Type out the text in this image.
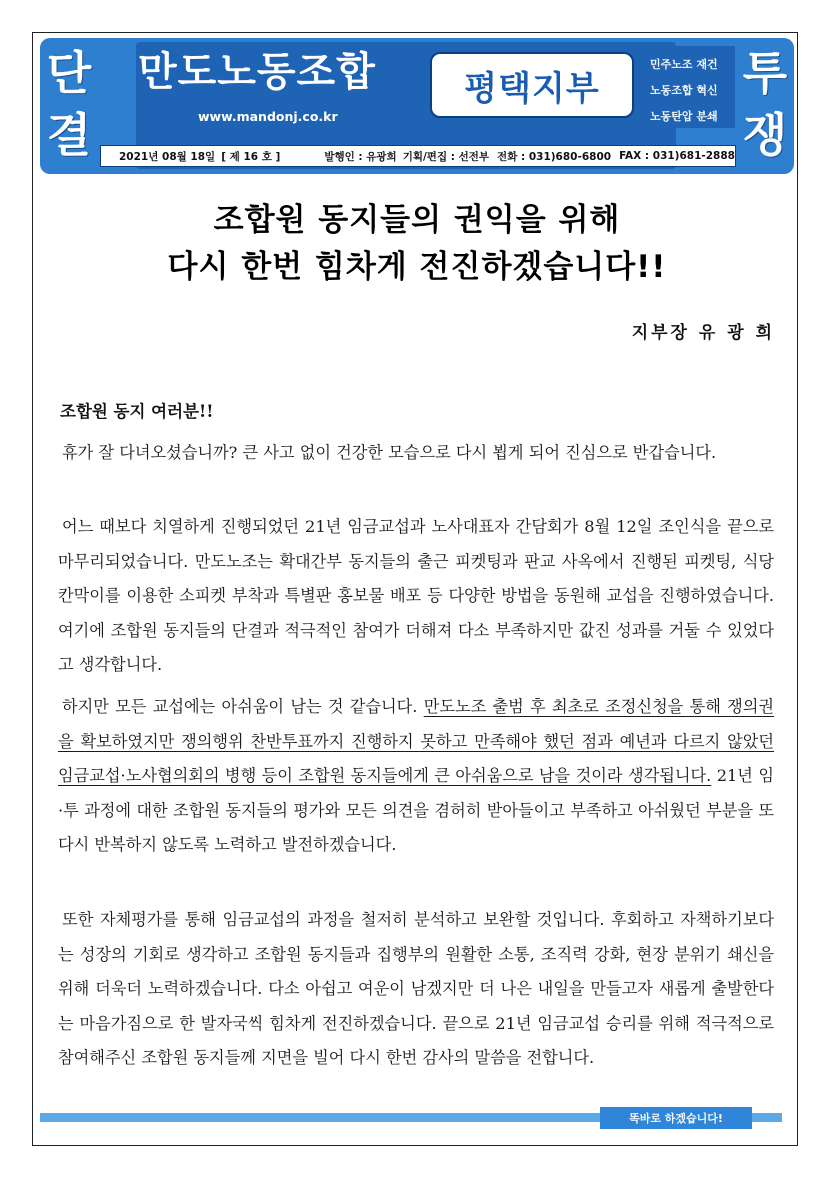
단
결
투
쟁
만도노동조합
www.mandonj.co.kr
평택지부
민주노조 재건
노동조합 혁신
노동탄압 분쇄
2021년 08월 18일 [ 제 16 호 ]	발행인 : 유광희 기획/편집 : 선전부 전화 : 031)680-6800 FAX : 031)681-2888
조합원 동지들의 권익을 위해
다시 한번 힘차게 전진하겠습니다!!
지부장 유 광 희
조합원 동지 여러분!!
휴가 잘 다녀오셨습니까? 큰 사고 없이 건강한 모습으로 다시 뵙게 되어 진심으로 반갑습니다.
어느 때보다 치열하게 진행되었던 21년 임금교섭과 노사대표자 간담회가 8월 12일 조인식을 끝으로 마무리되었습니다. 만도노조는 확대간부 동지들의 출근 피켓팅과 판교 사옥에서 진행된 피켓팅, 식당 칸막이를 이용한 소피켓 부착과 특별판 홍보물 배포 등 다양한 방법을 동원해 교섭을 진행하였습니다. 여기에 조합원 동지들의 단결과 적극적인 참여가 더해져 다소 부족하지만 값진 성과를 거둘 수 있었다고 생각합니다.
하지만 모든 교섭에는 아쉬움이 남는 것 같습니다. 만도노조 출범 후 최초로 조정신청을 통해 쟁의권을 확보하였지만 쟁의행위 찬반투표까지 진행하지 못하고 만족해야 했던 점과 예년과 다르지 않았던 임금교섭·노사협의회의 병행 등이 조합원 동지들에게 큰 아쉬움으로 남을 것이라 생각됩니다. 21년 임·투 과정에 대한 조합원 동지들의 평가와 모든 의견을 겸허히 받아들이고 부족하고 아쉬웠던 부분을 또 다시 반복하지 않도록 노력하고 발전하겠습니다.
또한 자체평가를 통해 임금교섭의 과정을 철저히 분석하고 보완할 것입니다. 후회하고 자책하기보다는 성장의 기회로 생각하고 조합원 동지들과 집행부의 원활한 소통, 조직력 강화, 현장 분위기 쇄신을 위해 더욱더 노력하겠습니다. 다소 아쉽고 여운이 남겠지만 더 나은 내일을 만들고자 새롭게 출발한다는 마음가짐으로 한 발자국씩 힘차게 전진하겠습니다. 끝으로 21년 임금교섭 승리를 위해 적극적으로 참여해주신 조합원 동지들께 지면을 빌어 다시 한번 감사의 말씀을 전합니다.
똑바로 하겠습니다!
